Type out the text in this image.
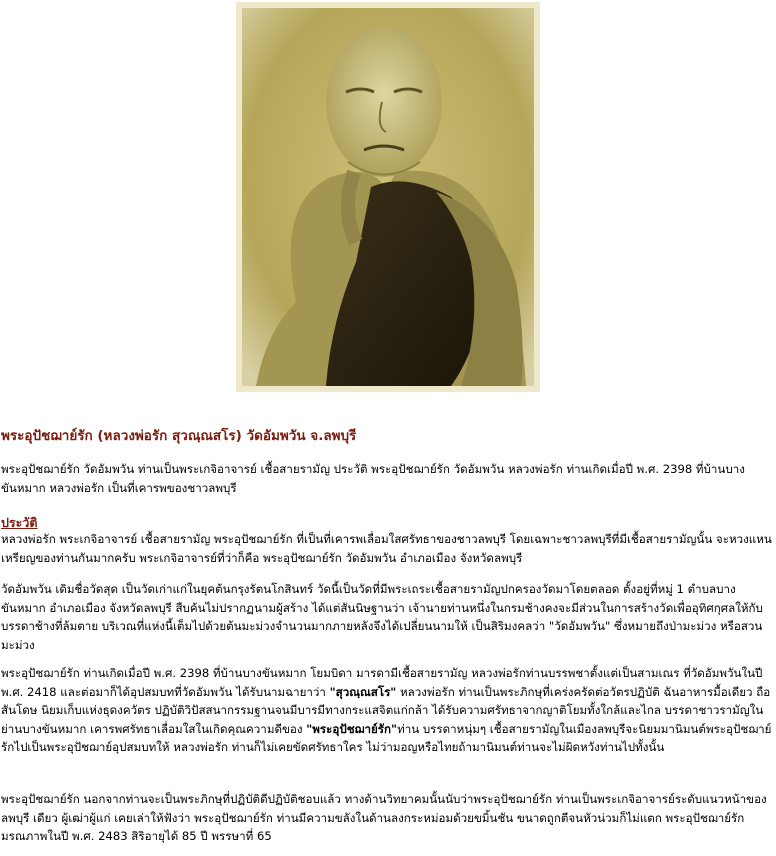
พระอุปัชฌาย์รัก (หลวงพ่อรัก สุวณฺณสโร) วัดอัมพวัน จ.ลพบุรี
พระอุปัชฌาย์รัก วัดอัมพวัน ท่านเป็นพระเกจิอาจารย์ เชื้อสายรามัญ ประวัติ พระอุปัชฌาย์รัก วัดอัมพวัน หลวงพ่อรัก ท่านเกิดเมื่อปี พ.ศ. 2398 ที่บ้านบางขันหมาก หลวงพ่อรัก เป็นที่เคารพของชาวลพบุรี
ประวัติ
หลวงพ่อรัก พระเกจิอาจารย์ เชื้อสายรามัญ พระอุปัชฌาย์รัก ที่เป็นที่เคารพเลื่อมใสศรัทธาของชาวลพบุรี โดยเฉพาะชาวลพบุรีที่มีเชื้อสายรามัญนั้น จะหวงแหนเหรียญของท่านกันมากครับ พระเกจิอาจารย์ที่ว่าก็คือ พระอุปัชฌาย์รัก วัดอัมพวัน อำเภอเมือง จังหวัดลพบุรี
วัดอัมพวัน เดิมชื่อวัดสุด เป็นวัดเก่าแก่ในยุคต้นกรุงรัตนโกสินทร์ วัดนี้เป็นวัดที่มีพระเถระเชื้อสายรามัญปกครองวัดมาโดยตลอด ตั้งอยู่ที่หมู่ 1 ตำบลบางขันหมาก อำเภอเมือง จังหวัดลพบุรี สืบค้นไม่ปรากฏนามผู้สร้าง ได้แต่สันนิษฐานว่า เจ้านายท่านหนึ่งในกรมช้างคงจะมีส่วนในการสร้างวัดเพื่ออุทิศกุศลให้กับ บรรดาช้างที่ล้มตาย บริเวณที่แห่งนี้เต็มไปด้วยต้นมะม่วงจำนวนมากภายหลังจึงได้เปลี่ยนนามให้ เป็นสิริมงคลว่า "วัดอัมพวัน" ซึ่งหมายถึงป่ามะม่วง หรือสวนมะม่วง
พระอุปัชฌาย์รัก ท่านเกิดเมื่อปี พ.ศ. 2398 ที่บ้านบางขันหมาก โยมบิดา มารดามีเชื้อสายรามัญ หลวงพ่อรักท่านบรรพชาตั้งแต่เป็นสามเณร ที่วัดอัมพวันในปี พ.ศ. 2418 และต่อมาก็ได้อุปสมบทที่วัดอัมพวัน ได้รับนามฉายาว่า "สุวณฺณสโร" หลวงพ่อรัก ท่านเป็นพระภิกษุที่เคร่งครัดต่อวัตรปฏิบัติ ฉันอาหารมื้อเดียว ถือสันโดษ นิยมเก็บแห่งธุดงควัตร ปฏิบัติวิปัสสนากรรมฐานจนมีบารมีทางกระแสจิตแก่กล้า ได้รับความศรัทธาจากญาติโยมทั้งใกล้และไกล บรรดาชาวรามัญในย่านบางขันหมาก เคารพศรัทธาเลื่อมใสในเกิดคุณความดีของ "พระอุปัชฌาย์รัก"ท่าน บรรดาหนุ่มๆ เชื้อสายรามัญในเมืองลพบุรีจะนิยมมานิมนต์พระอุปัชฌาย์รักไปเป็นพระอุปัชฌาย์อุปสมบทให้ หลวงพ่อรัก ท่านก็ไม่เคยขัดศรัทธาใคร ไม่ว่ามอญหรือไทยถ้ามานิมนต์ท่านจะไม่ผิดหวังท่านไปทั้งนั้น
พระอุปัชฌาย์รัก นอกจากท่านจะเป็นพระภิกษุที่ปฏิบัติดีปฏิบัติชอบแล้ว ทางด้านวิทยาคมนั้นนับว่าพระอุปัชฌาย์รัก ท่านเป็นพระเกจิอาจารย์ระดับแนวหน้าของลพบุรี เดียว ผู้เฒ่าผู้แก่ เคยเล่าให้ฟังว่า พระอุปัชฌาย์รัก ท่านมีความขลังในด้านลงกระหม่อมด้วยขมิ้นชัน ขนาดถูกตีจนหัวน่วมก็ไม่แตก พระอุปัชฌาย์รัก มรณภาพในปี พ.ศ. 2483 สิริอายุได้ 85 ปี พรรษาที่ 65
